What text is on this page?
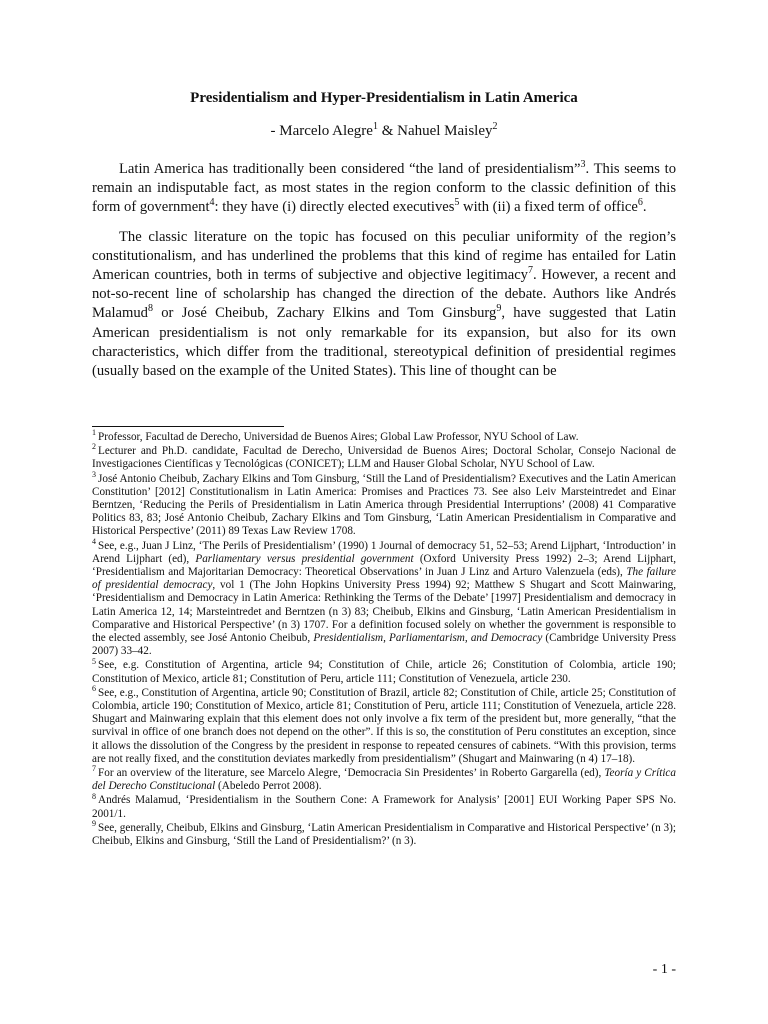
Presidentialism and Hyper-Presidentialism in Latin America
- Marcelo Alegre$^1$ & Nahuel Maisley$^2$

Latin America has traditionally been considered “the land of presidentialism”$^3$. This seems to remain an indisputable fact, as most states in the region conform to the classic definition of this form of government$^4$: they have (i) directly elected executives$^5$ with (ii) a fixed term of office$^6$.

The classic literature on the topic has focused on this peculiar uniformity of the region’s constitutionalism, and has underlined the problems that this kind of regime has entailed for Latin American countries, both in terms of subjective and objective legitimacy$^7$. However, a recent and not-so-recent line of scholarship has changed the direction of the debate. Authors like Andrés Malamud$^8$ or José Cheibub, Zachary Elkins and Tom Ginsburg$^9$, have suggested that Latin American presidentialism is not only remarkable for its expansion, but also for its own characteristics, which differ from the traditional, stereotypical definition of presidential regimes (usually based on the example of the United States). This line of thought can be

$^1$ Professor, Facultad de Derecho, Universidad de Buenos Aires; Global Law Professor, NYU School of Law.
$^2$ Lecturer and Ph.D. candidate, Facultad de Derecho, Universidad de Buenos Aires; Doctoral Scholar, Consejo Nacional de Investigaciones Científicas y Tecnológicas (CONICET); LLM and Hauser Global Scholar, NYU School of Law.
$^3$ José Antonio Cheibub, Zachary Elkins and Tom Ginsburg, ‘Still the Land of Presidentialism? Executives and the Latin American Constitution’ [2012] Constitutionalism in Latin America: Promises and Practices 73. See also Leiv Marsteintredet and Einar Berntzen, ‘Reducing the Perils of Presidentialism in Latin America through Presidential Interruptions’ (2008) 41 Comparative Politics 83, 83; José Antonio Cheibub, Zachary Elkins and Tom Ginsburg, ‘Latin American Presidentialism in Comparative and Historical Perspective’ (2011) 89 Texas Law Review 1708.
$^4$ See, e.g., Juan J Linz, ‘The Perils of Presidentialism’ (1990) 1 Journal of democracy 51, 52–53; Arend Lijphart, ‘Introduction’ in Arend Lijphart (ed), Parliamentary versus presidential government (Oxford University Press 1992) 2–3; Arend Lijphart, ‘Presidentialism and Majoritarian Democracy: Theoretical Observations’ in Juan J Linz and Arturo Valenzuela (eds), The failure of presidential democracy, vol 1 (The John Hopkins University Press 1994) 92; Matthew S Shugart and Scott Mainwaring, ‘Presidentialism and Democracy in Latin America: Rethinking the Terms of the Debate’ [1997] Presidentialism and democracy in Latin America 12, 14; Marsteintredet and Berntzen (n 3) 83; Cheibub, Elkins and Ginsburg, ‘Latin American Presidentialism in Comparative and Historical Perspective’ (n 3) 1707. For a definition focused solely on whether the government is responsible to the elected assembly, see José Antonio Cheibub, Presidentialism, Parliamentarism, and Democracy (Cambridge University Press 2007) 33–42.
$^5$ See, e.g. Constitution of Argentina, article 94; Constitution of Chile, article 26; Constitution of Colombia, article 190; Constitution of Mexico, article 81; Constitution of Peru, article 111; Constitution of Venezuela, article 230.
$^6$ See, e.g., Constitution of Argentina, article 90; Constitution of Brazil, article 82; Constitution of Chile, article 25; Constitution of Colombia, article 190; Constitution of Mexico, article 81; Constitution of Peru, article 111; Constitution of Venezuela, article 228. Shugart and Mainwaring explain that this element does not only involve a fix term of the president but, more generally, “that the survival in office of one branch does not depend on the other”. If this is so, the constitution of Peru constitutes an exception, since it allows the dissolution of the Congress by the president in response to repeated censures of cabinets. “With this provision, terms are not really fixed, and the constitution deviates markedly from presidentialism” (Shugart and Mainwaring (n 4) 17–18).
$^7$ For an overview of the literature, see Marcelo Alegre, ‘Democracia Sin Presidentes’ in Roberto Gargarella (ed), Teoría y Crítica del Derecho Constitucional (Abeledo Perrot 2008).
$^8$ Andrés Malamud, ‘Presidentialism in the Southern Cone: A Framework for Analysis’ [2001] EUI Working Paper SPS No. 2001/1.
$^9$ See, generally, Cheibub, Elkins and Ginsburg, ‘Latin American Presidentialism in Comparative and Historical Perspective’ (n 3); Cheibub, Elkins and Ginsburg, ‘Still the Land of Presidentialism?’ (n 3).
- 1 -
